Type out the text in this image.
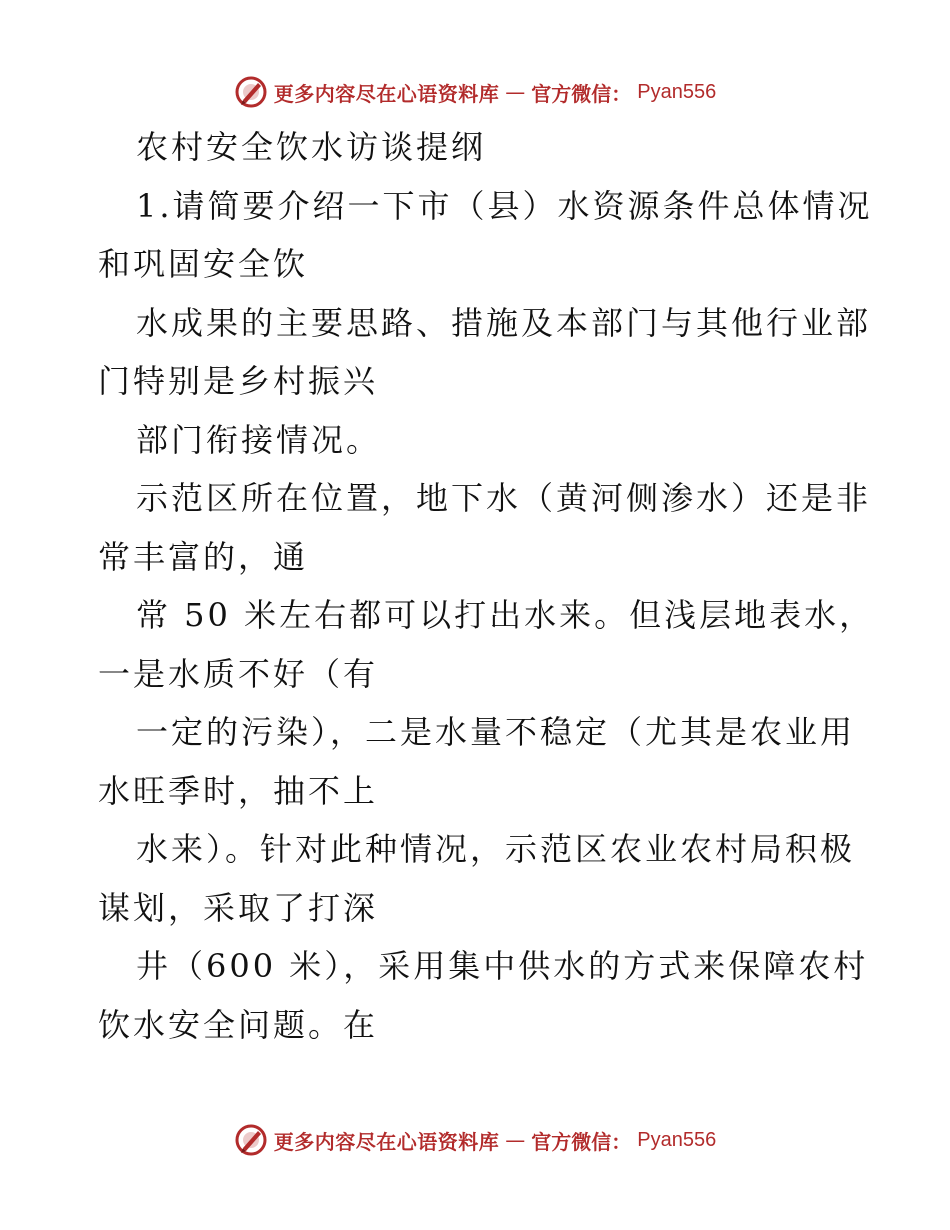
更多内容尽在心语资料库 — 官方微信： Pyan556
农村安全饮水访谈提纲
1.请简要介绍一下市（县）水资源条件总体情况
和巩固安全饮
水成果的主要思路、措施及本部门与其他行业部
门特别是乡村振兴
部门衔接情况。
示范区所在位置，地下水（黄河侧渗水）还是非
常丰富的，通
常 50 米左右都可以打出水来。但浅层地表水，
一是水质不好（有
一定的污染），二是水量不稳定（尤其是农业用
水旺季时，抽不上
水来）。针对此种情况，示范区农业农村局积极
谋划，采取了打深
井（600 米），采用集中供水的方式来保障农村
饮水安全问题。在
更多内容尽在心语资料库 — 官方微信： Pyan556
